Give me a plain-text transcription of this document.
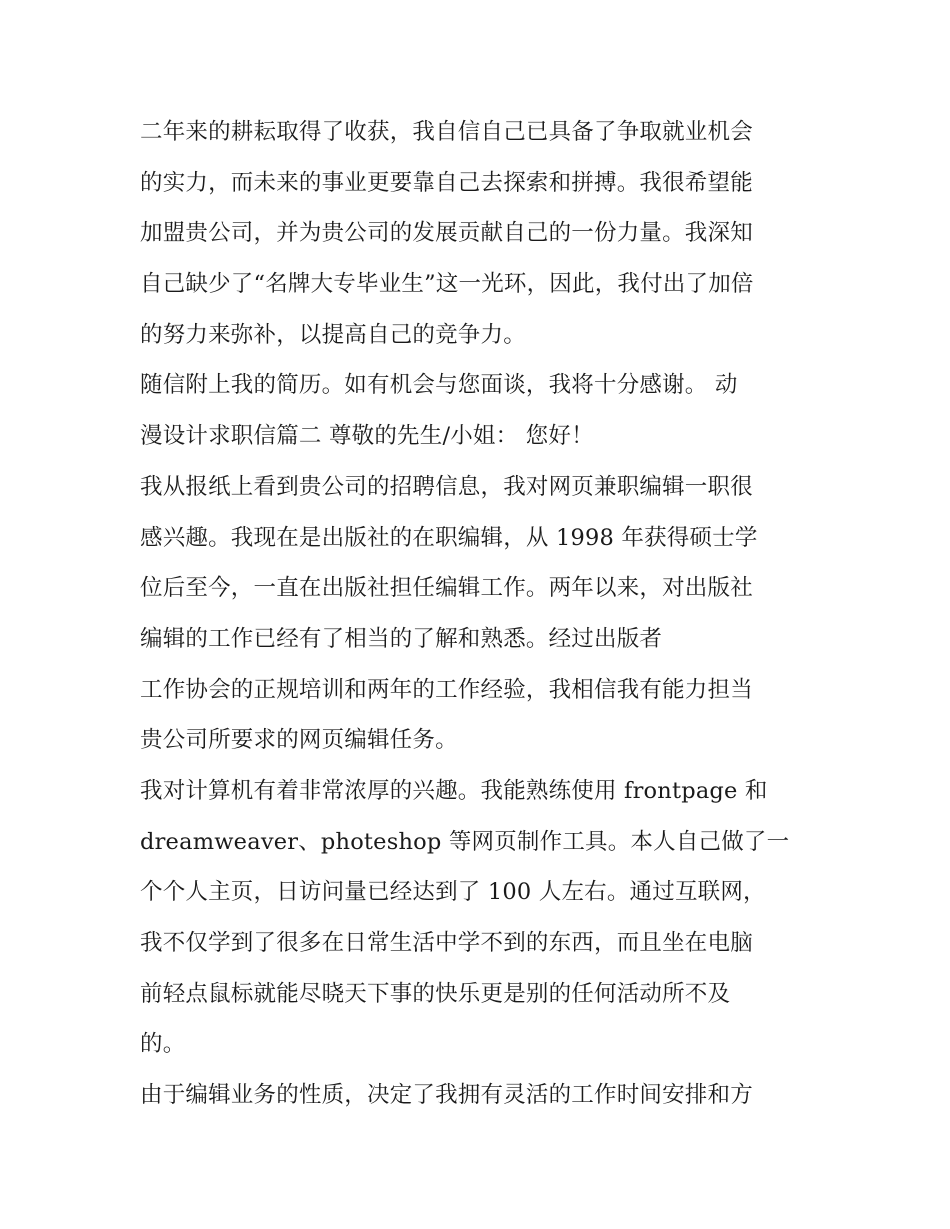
二年来的耕耘取得了收获，我自信自己已具备了争取就业机会
的实力，而未来的事业更要靠自己去探索和拼搏。我很希望能
加盟贵公司，并为贵公司的发展贡献自己的一份力量。我深知
自己缺少了“名牌大专毕业生”这一光环，因此，我付出了加倍
的努力来弥补，以提高自己的竞争力。
随信附上我的简历。如有机会与您面谈，我将十分感谢。 动
漫设计求职信篇二 尊敬的先生/小姐： 您好！
我从报纸上看到贵公司的招聘信息，我对网页兼职编辑一职很
感兴趣。我现在是出版社的在职编辑，从 1998 年获得硕士学
位后至今，一直在出版社担任编辑工作。两年以来，对出版社
编辑的工作已经有了相当的了解和熟悉。经过出版者
工作协会的正规培训和两年的工作经验，我相信我有能力担当
贵公司所要求的网页编辑任务。
我对计算机有着非常浓厚的兴趣。我能熟练使用 frontpage 和
dreamweaver、photeshop 等网页制作工具。本人自己做了一
个个人主页，日访问量已经达到了 100 人左右。通过互联网，
我不仅学到了很多在日常生活中学不到的东西，而且坐在电脑
前轻点鼠标就能尽晓天下事的快乐更是别的任何活动所不及
的。
由于编辑业务的性质，决定了我拥有灵活的工作时间安排和方
